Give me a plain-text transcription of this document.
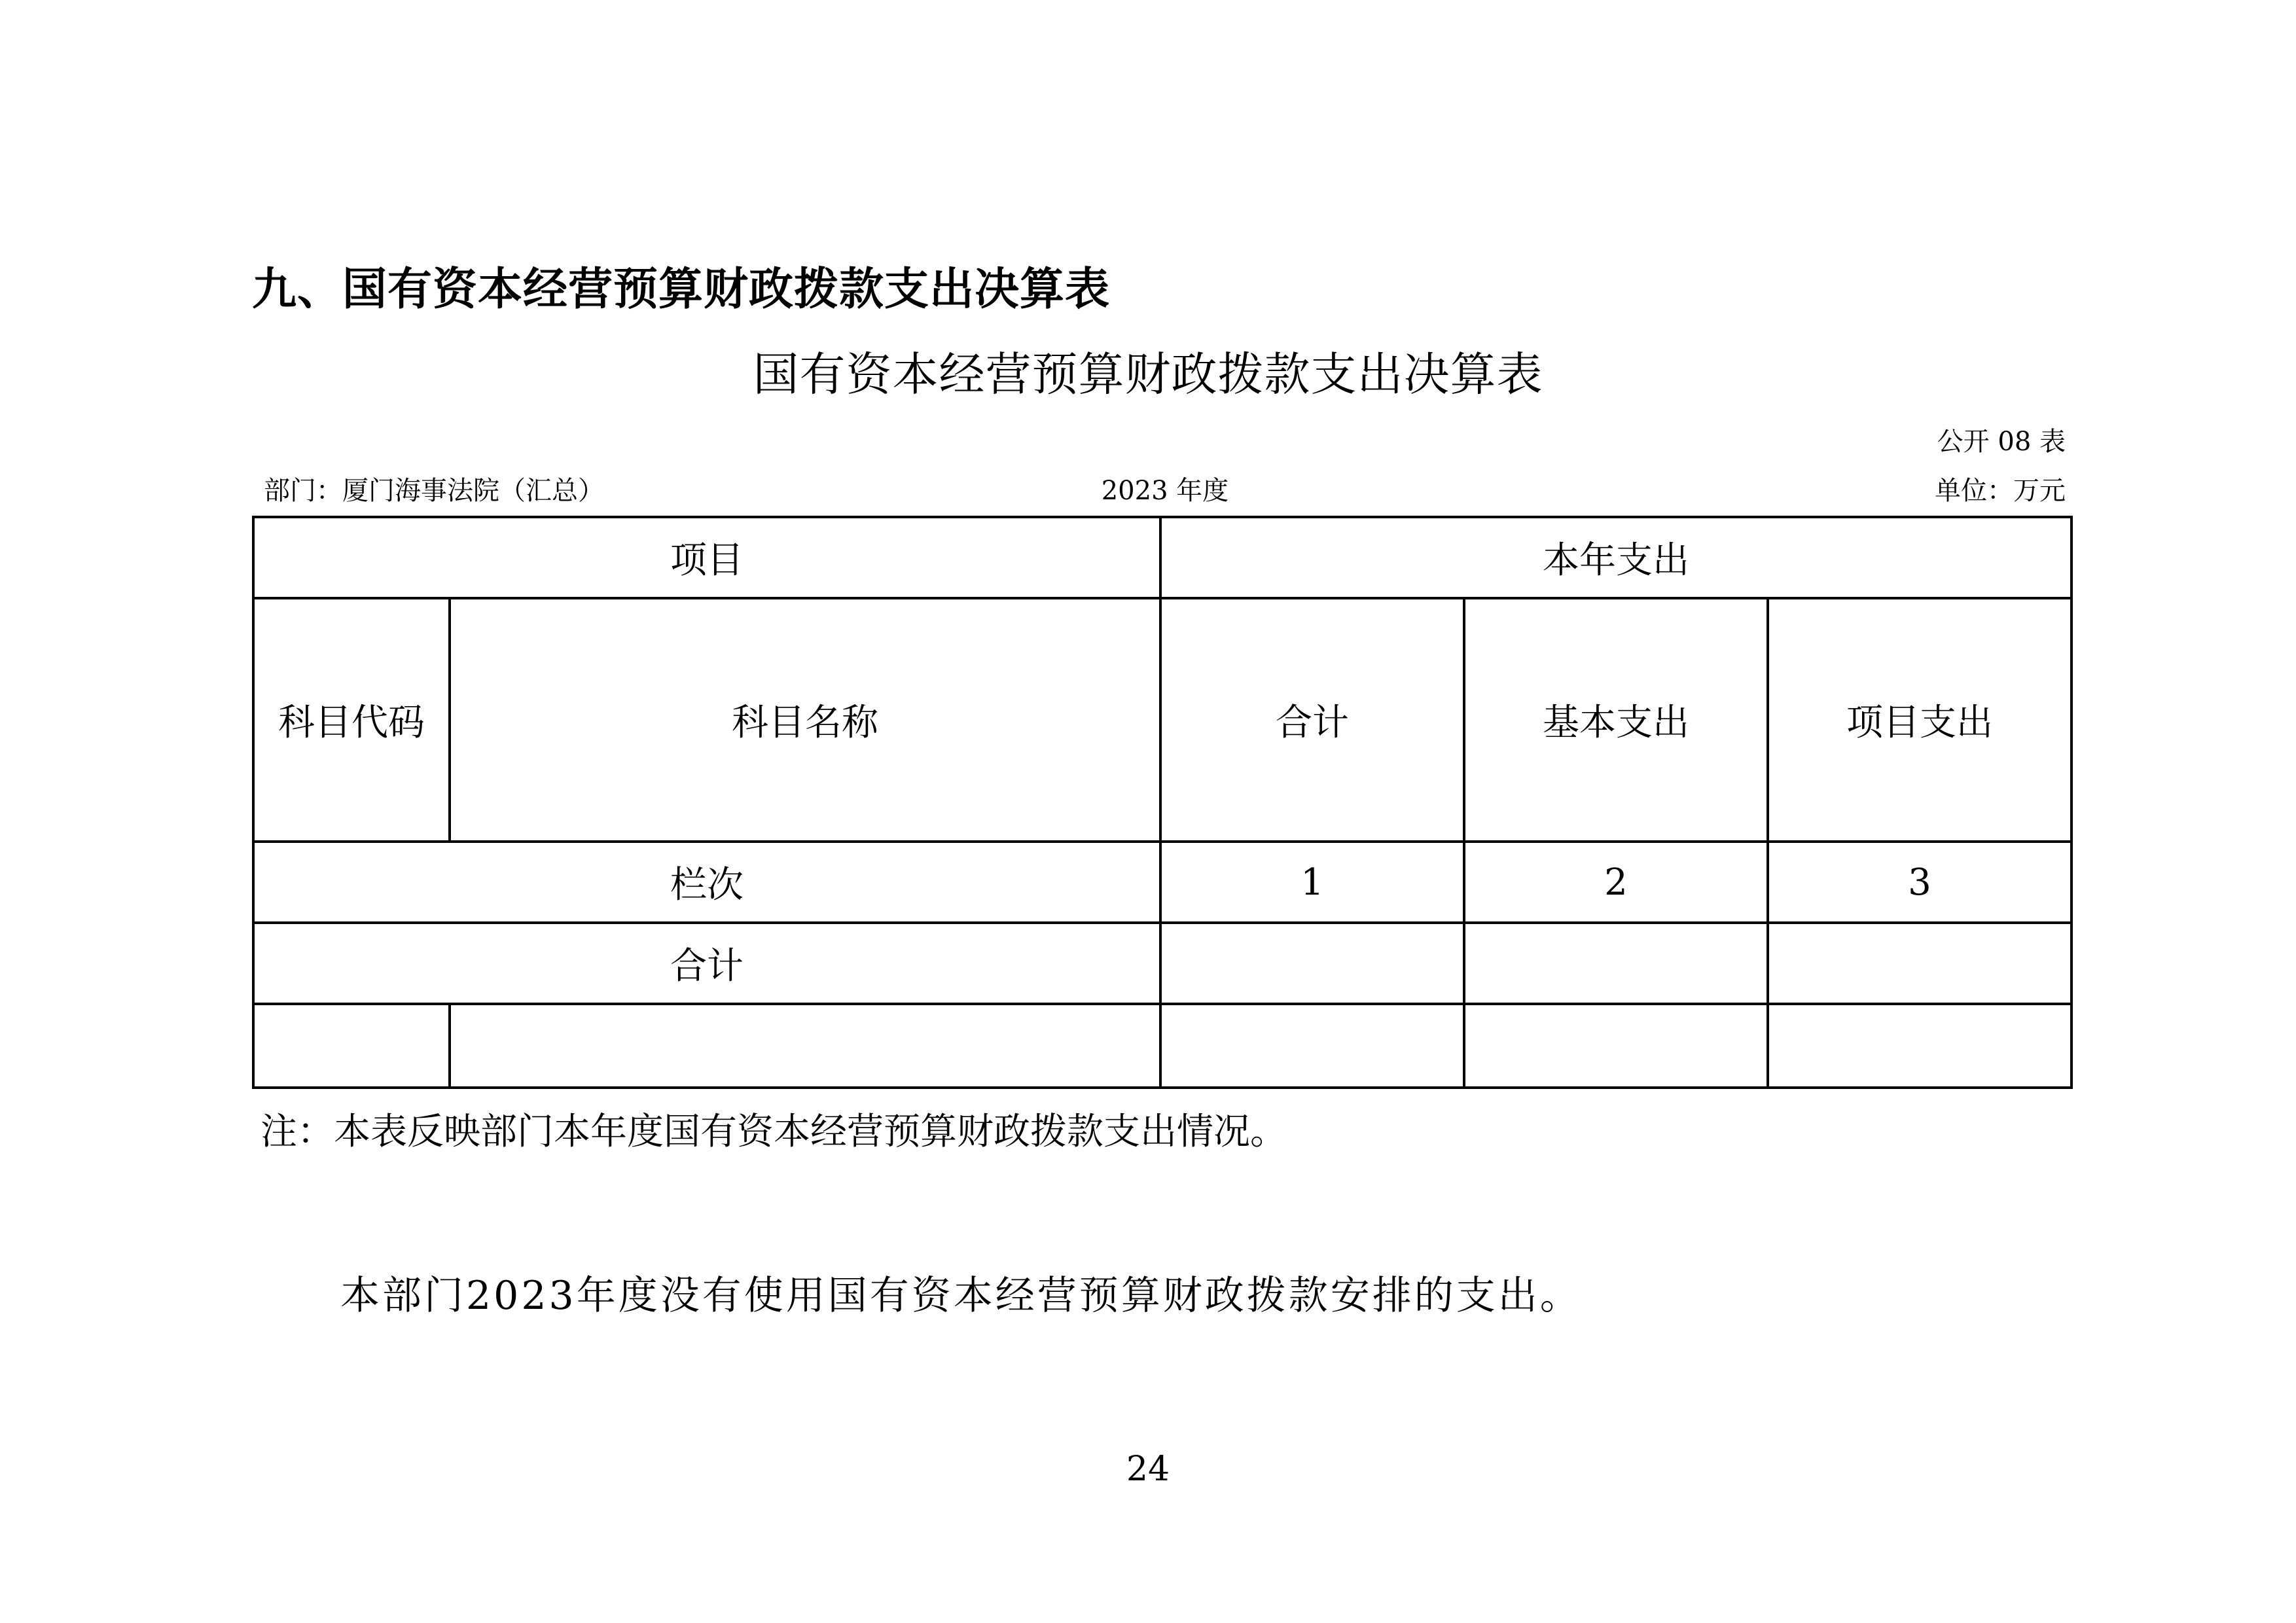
九、国有资本经营预算财政拨款支出决算表
国有资本经营预算财政拨款支出决算表
公开 08 表
部门：厦门海事法院（汇总）	2023 年度	单位：万元
项目		本年支出		
科目代码	科目名称	合计	基本支出	项目支出
栏次		1	2	3
合计				

注：本表反映部门本年度国有资本经营预算财政拨款支出情况。
本部门2023年度没有使用国有资本经营预算财政拨款安排的支出。
24
